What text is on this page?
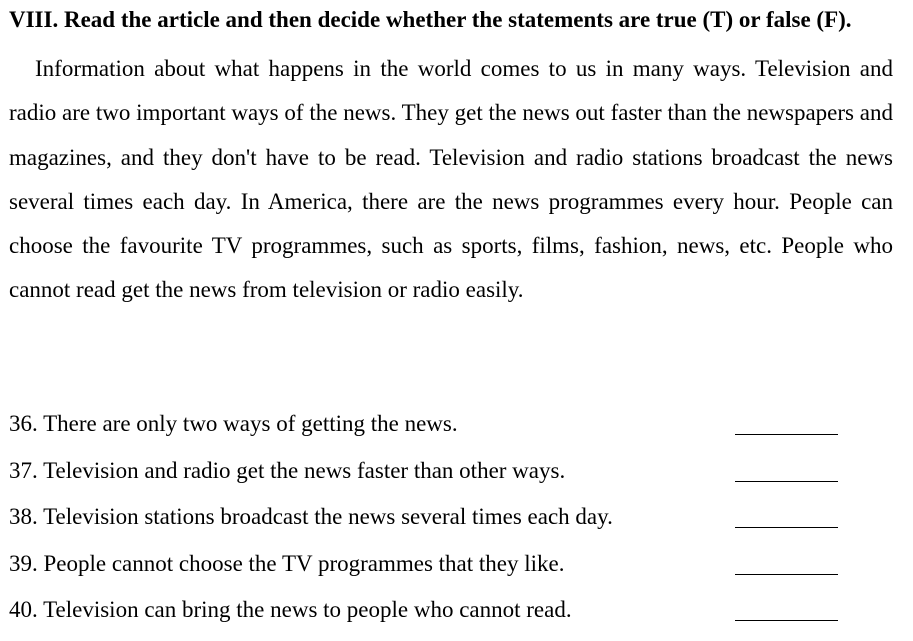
VIII. Read the article and then decide whether the statements are true (T) or false (F).
Information about what happens in the world comes to us in many ways. Television and radio are two important ways of the news. They get the news out faster than the newspapers and magazines, and they don't have to be read. Television and radio stations broadcast the news several times each day. In America, there are the news programmes every hour. People can choose the favourite TV programmes, such as sports, films, fashion, news, etc. People who cannot read get the news from television or radio easily.
36. There are only two ways of getting the news.
37. Television and radio get the news faster than other ways.
38. Television stations broadcast the news several times each day.
39. People cannot choose the TV programmes that they like.
40. Television can bring the news to people who cannot read.
